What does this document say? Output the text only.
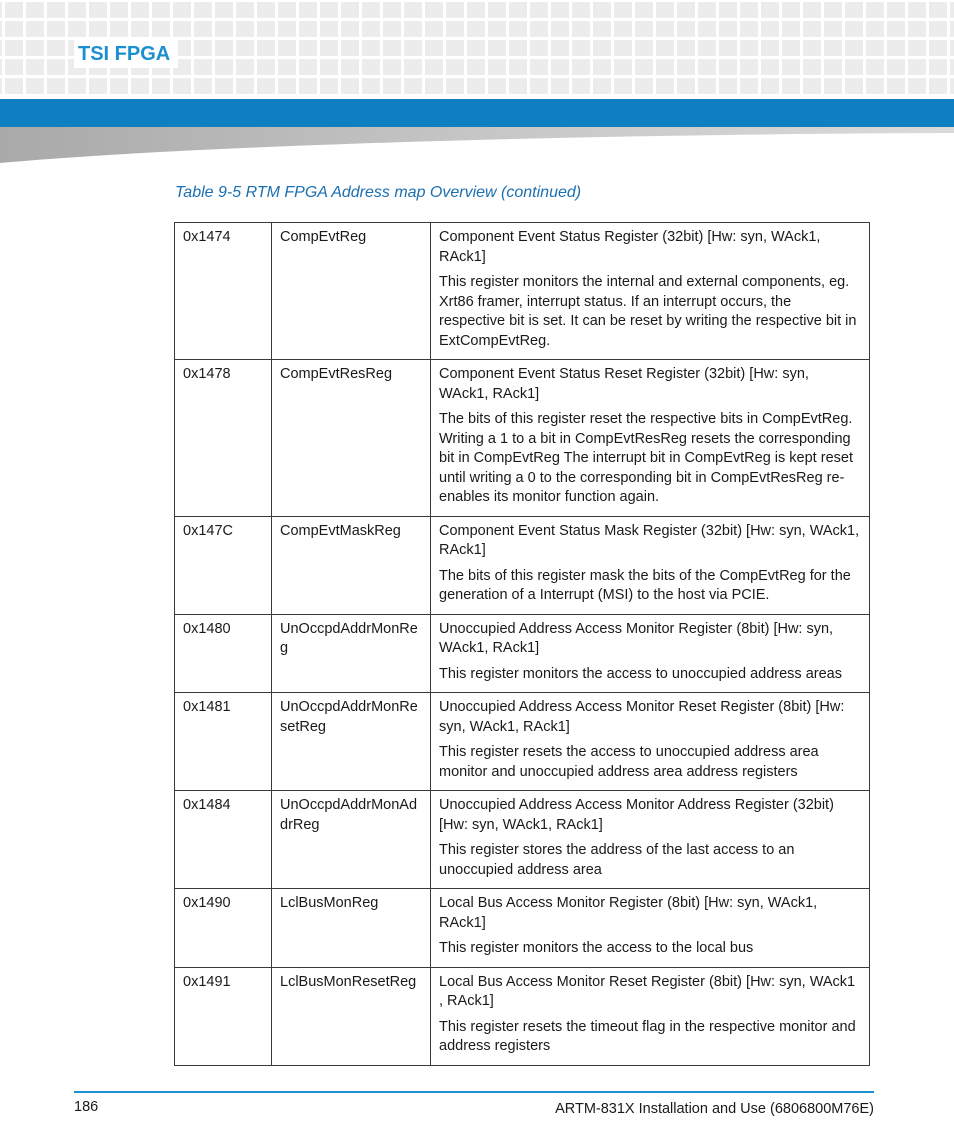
TSI FPGA
Table 9-5 RTM FPGA Address map Overview (continued)
0x1474	CompEvtReg	Component Event Status Register (32bit) [Hw: syn, WAck1, RAck1]

This register monitors the internal and external components, eg. Xrt86 framer, interrupt status. If an interrupt occurs, the respective bit is set. It can be reset by writing the respective bit in ExtCompEvtReg.

0x1478	CompEvtResReg	Component Event Status Reset Register (32bit) [Hw: syn, WAck1, RAck1]

The bits of this register reset the respective bits in CompEvtReg. Writing a 1 to a bit in CompEvtResReg resets the corresponding bit in CompEvtReg The interrupt bit in CompEvtReg is kept reset until writing a 0 to the corresponding bit in CompEvtResReg re-enables its monitor function again.

0x147C	CompEvtMaskReg	Component Event Status Mask Register (32bit) [Hw: syn, WAck1, RAck1]

The bits of this register mask the bits of the CompEvtReg for the generation of a Interrupt (MSI) to the host via PCIE.

0x1480	UnOccpdAddrMonReg	Unoccupied Address Access Monitor Register (8bit) [Hw: syn, WAck1, RAck1]

This register monitors the access to unoccupied address areas

0x1481	UnOccpdAddrMonResetReg	Unoccupied Address Access Monitor Reset Register (8bit) [Hw: syn, WAck1, RAck1]

This register resets the access to unoccupied address area monitor and unoccupied address area address registers

0x1484	UnOccpdAddrMonAddrReg	Unoccupied Address Access Monitor Address Register (32bit) [Hw: syn, WAck1, RAck1]

This register stores the address of the last access to an unoccupied address area

0x1490	LclBusMonReg	Local Bus Access Monitor Register (8bit) [Hw: syn, WAck1, RAck1]

This register monitors the access to the local bus

0x1491	LclBusMonResetReg	Local Bus Access Monitor Reset Register (8bit) [Hw: syn, WAck1 , RAck1]

This register resets the timeout flag in the respective monitor and address registers

186	ARTM-831X Installation and Use (6806800M76E)
